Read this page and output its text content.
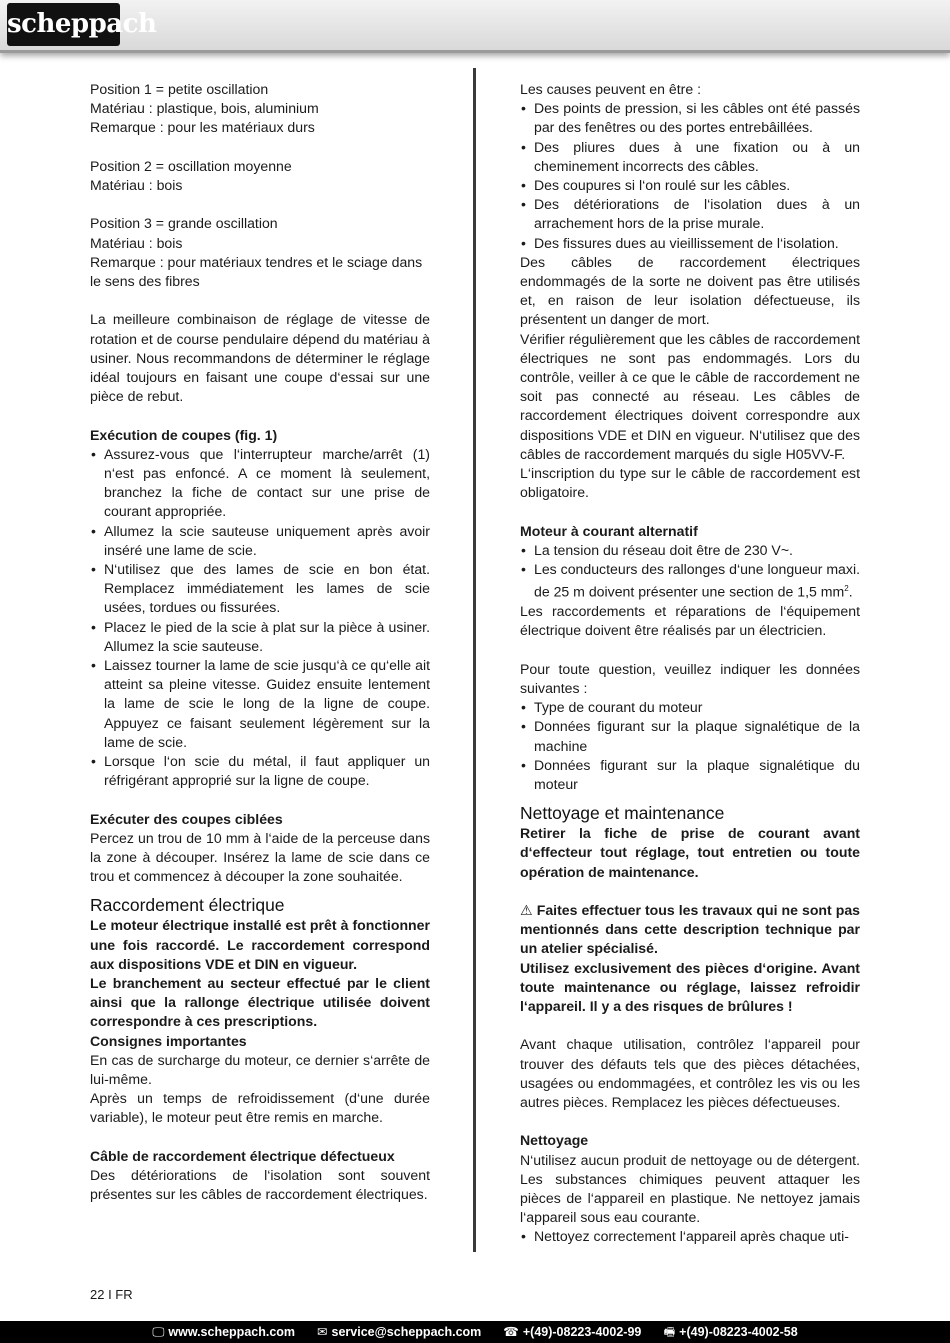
scheppach

Position 1 = petite oscillation

Matériau : plastique, bois, aluminium

Remarque : pour les matériaux durs

Position 2 = oscillation moyenne

Matériau : bois

Position 3 = grande oscillation

Matériau : bois

Remarque : pour matériaux tendres et le sciage dans le sens des fibres

La meilleure combinaison de réglage de vitesse de rotation et de course pendulaire dépend du matériau à usiner. Nous recommandons de déterminer le réglage idéal toujours en faisant une coupe d‘essai sur une pièce de rebut.

Exécution de coupes (fig. 1)

• Assurez-vous que l‘interrupteur marche/arrêt (1) n‘est pas enfoncé. A ce moment là seulement, branchez la fiche de contact sur une prise de courant appropriée.
• Allumez la scie sauteuse uniquement après avoir inséré une lame de scie.
• N‘utilisez que des lames de scie en bon état. Remplacez immédiatement les lames de scie usées, tordues ou fissurées.
• Placez le pied de la scie à plat sur la pièce à usiner. Allumez la scie sauteuse.
• Laissez tourner la lame de scie jusqu‘à ce qu‘elle ait atteint sa pleine vitesse. Guidez ensuite lentement la lame de scie le long de la ligne de coupe. Appuyez ce faisant seulement légèrement sur la lame de scie.
• Lorsque l‘on scie du métal, il faut appliquer un réfrigérant approprié sur la ligne de coupe.

Exécuter des coupes ciblées

Percez un trou de 10 mm à l‘aide de la perceuse dans la zone à découper. Insérez la lame de scie dans ce trou et commencez à découper la zone souhaitée.

Raccordement électrique

Le moteur électrique installé est prêt à fonctionner une fois raccordé. Le raccordement correspond aux dispositions VDE et DIN en vigueur.

Le branchement au secteur effectué par le client ainsi que la rallonge électrique utilisée doivent correspondre à ces prescriptions.

Consignes importantes

En cas de surcharge du moteur, ce dernier s‘arrête de lui-même.

Après un temps de refroidissement (d‘une durée variable), le moteur peut être remis en marche.

Câble de raccordement électrique défectueux

Des détériorations de l‘isolation sont souvent présentes sur les câbles de raccordement électriques.

Les causes peuvent en être :

• Des points de pression, si les câbles ont été passés par des fenêtres ou des portes entrebâillées.
• Des pliures dues à une fixation ou à un cheminement incorrects des câbles.
• Des coupures si l‘on roulé sur les câbles.
• Des détériorations de l‘isolation dues à un arrachement hors de la prise murale.
• Des fissures dues au vieillissement de l‘isolation.

Des câbles de raccordement électriques endommagés de la sorte ne doivent pas être utilisés et, en raison de leur isolation défectueuse, ils présentent un danger de mort.

Vérifier régulièrement que les câbles de raccordement électriques ne sont pas endommagés. Lors du contrôle, veiller à ce que le câble de raccordement ne soit pas connecté au réseau. Les câbles de raccordement électriques doivent correspondre aux dispositions VDE et DIN en vigueur. N‘utilisez que des câbles de raccordement marqués du sigle H05VV-F.

L‘inscription du type sur le câble de raccordement est obligatoire.

Moteur à courant alternatif

• La tension du réseau doit être de 230 V~.
• Les conducteurs des rallonges d‘une longueur maxi. de 25 m doivent présenter une section de 1,5 $mm^2$.

Les raccordements et réparations de l‘équipement électrique doivent être réalisés par un électricien.

Pour toute question, veuillez indiquer les données suivantes :

• Type de courant du moteur
• Données figurant sur la plaque signalétique de la machine
• Données figurant sur la plaque signalétique du moteur

Nettoyage et maintenance

Retirer la fiche de prise de courant avant d‘effecteur tout réglage, tout entretien ou toute opération de maintenance.

⚠ Faites effectuer tous les travaux qui ne sont pas mentionnés dans cette description technique par un atelier spécialisé.

Utilisez exclusivement des pièces d‘origine. Avant toute maintenance ou réglage, laissez refroidir l‘appareil. Il y a des risques de brûlures !

Avant chaque utilisation, contrôlez l‘appareil pour trouver des défauts tels que des pièces détachées, usagées ou endommagées, et contrôlez les vis ou les autres pièces. Remplacez les pièces défectueuses.

Nettoyage

N‘utilisez aucun produit de nettoyage ou de détergent. Les substances chimiques peuvent attaquer les pièces de l‘appareil en plastique. Ne nettoyez jamais l‘appareil sous eau courante.

• Nettoyez correctement l‘appareil après chaque uti-
22 I FR
🖵 www.scheppach.com ✉ service@scheppach.com ☎ +(49)-08223-4002-99 🖷 +(49)-08223-4002-58
